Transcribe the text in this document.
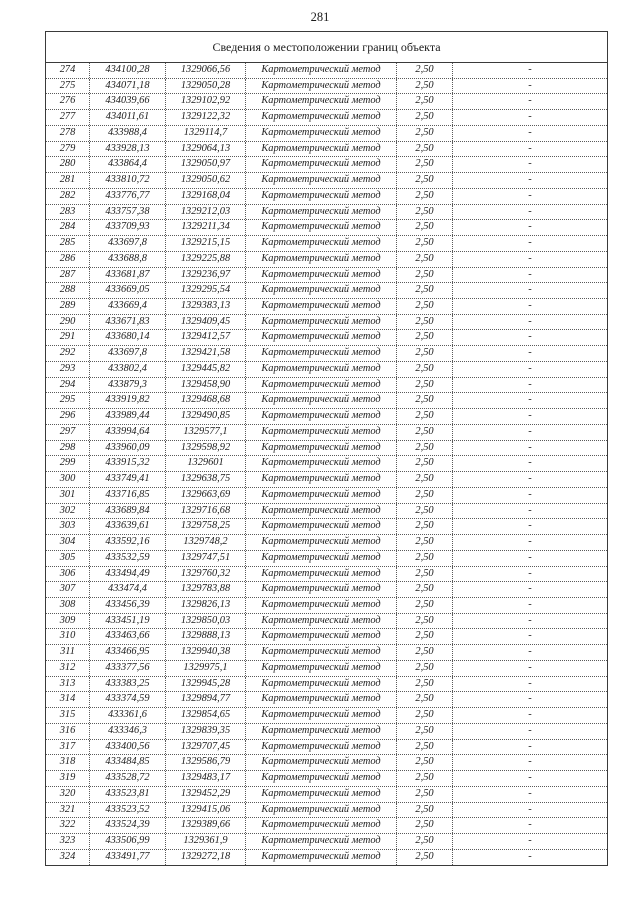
281
Сведения о местоположении границ объекта
274	434100,28	1329066,56	Картометрический метод	2,50	-
275	434071,18	1329050,28	Картометрический метод	2,50	-
276	434039,66	1329102,92	Картометрический метод	2,50	-
277	434011,61	1329122,32	Картометрический метод	2,50	-
278	433988,4	1329114,7	Картометрический метод	2,50	-
279	433928,13	1329064,13	Картометрический метод	2,50	-
280	433864,4	1329050,97	Картометрический метод	2,50	-
281	433810,72	1329050,62	Картометрический метод	2,50	-
282	433776,77	1329168,04	Картометрический метод	2,50	-
283	433757,38	1329212,03	Картометрический метод	2,50	-
284	433709,93	1329211,34	Картометрический метод	2,50	-
285	433697,8	1329215,15	Картометрический метод	2,50	-
286	433688,8	1329225,88	Картометрический метод	2,50	-
287	433681,87	1329236,97	Картометрический метод	2,50	-
288	433669,05	1329295,54	Картометрический метод	2,50	-
289	433669,4	1329383,13	Картометрический метод	2,50	-
290	433671,83	1329409,45	Картометрический метод	2,50	-
291	433680,14	1329412,57	Картометрический метод	2,50	-
292	433697,8	1329421,58	Картометрический метод	2,50	-
293	433802,4	1329445,82	Картометрический метод	2,50	-
294	433879,3	1329458,90	Картометрический метод	2,50	-
295	433919,82	1329468,68	Картометрический метод	2,50	-
296	433989,44	1329490,85	Картометрический метод	2,50	-
297	433994,64	1329577,1	Картометрический метод	2,50	-
298	433960,09	1329598,92	Картометрический метод	2,50	-
299	433915,32	1329601	Картометрический метод	2,50	-
300	433749,41	1329638,75	Картометрический метод	2,50	-
301	433716,85	1329663,69	Картометрический метод	2,50	-
302	433689,84	1329716,68	Картометрический метод	2,50	-
303	433639,61	1329758,25	Картометрический метод	2,50	-
304	433592,16	1329748,2	Картометрический метод	2,50	-
305	433532,59	1329747,51	Картометрический метод	2,50	-
306	433494,49	1329760,32	Картометрический метод	2,50	-
307	433474,4	1329783,88	Картометрический метод	2,50	-
308	433456,39	1329826,13	Картометрический метод	2,50	-
309	433451,19	1329850,03	Картометрический метод	2,50	-
310	433463,66	1329888,13	Картометрический метод	2,50	-
311	433466,95	1329940,38	Картометрический метод	2,50	-
312	433377,56	1329975,1	Картометрический метод	2,50	-
313	433383,25	1329945,28	Картометрический метод	2,50	-
314	433374,59	1329894,77	Картометрический метод	2,50	-
315	433361,6	1329854,65	Картометрический метод	2,50	-
316	433346,3	1329839,35	Картометрический метод	2,50	-
317	433400,56	1329707,45	Картометрический метод	2,50	-
318	433484,85	1329586,79	Картометрический метод	2,50	-
319	433528,72	1329483,17	Картометрический метод	2,50	-
320	433523,81	1329452,29	Картометрический метод	2,50	-
321	433523,52	1329415,06	Картометрический метод	2,50	-
322	433524,39	1329389,66	Картометрический метод	2,50	-
323	433506,99	1329361,9	Картометрический метод	2,50	-
324	433491,77	1329272,18	Картометрический метод	2,50	-
